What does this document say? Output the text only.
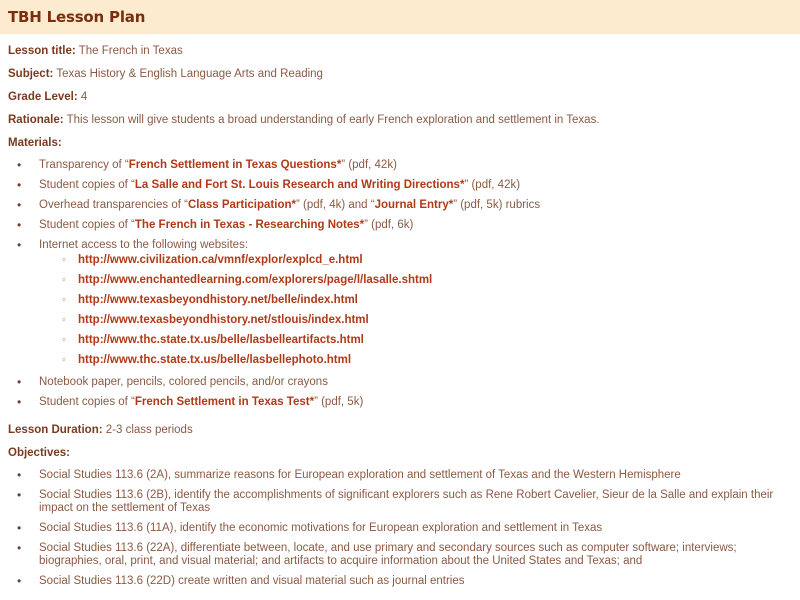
TBH Lesson Plan

Lesson title: The French in Texas

Subject: Texas History & English Language Arts and Reading

Grade Level: 4

Rationale: This lesson will give students a broad understanding of early French exploration and settlement in Texas.

Materials:

• Transparency of “French Settlement in Texas Questions*” (pdf, 42k)
• Student copies of “La Salle and Fort St. Louis Research and Writing Directions*” (pdf, 42k)
• Overhead transparencies of “Class Participation*” (pdf, 4k) and “Journal Entry*” (pdf, 5k) rubrics
• Student copies of “The French in Texas - Researching Notes*” (pdf, 6k)
• Internet access to the following websites:
◦ http://www.civilization.ca/vmnf/explor/explcd_e.html
◦ http://www.enchantedlearning.com/explorers/page/l/lasalle.shtml
◦ http://www.texasbeyondhistory.net/belle/index.html
◦ http://www.texasbeyondhistory.net/stlouis/index.html
◦ http://www.thc.state.tx.us/belle/lasbelleartifacts.html
◦ http://www.thc.state.tx.us/belle/lasbellephoto.html
• Notebook paper, pencils, colored pencils, and/or crayons
• Student copies of “French Settlement in Texas Test*” (pdf, 5k)

Lesson Duration: 2-3 class periods

Objectives:

• Social Studies 113.6 (2A), summarize reasons for European exploration and settlement of Texas and the Western Hemisphere
• Social Studies 113.6 (2B), identify the accomplishments of significant explorers such as Rene Robert Cavelier, Sieur de la Salle and explain their impact on the settlement of Texas
• Social Studies 113.6 (11A), identify the economic motivations for European exploration and settlement in Texas
• Social Studies 113.6 (22A), differentiate between, locate, and use primary and secondary sources such as computer software; interviews; biographies, oral, print, and visual material; and artifacts to acquire information about the United States and Texas; and
• Social Studies 113.6 (22D) create written and visual material such as journal entries
